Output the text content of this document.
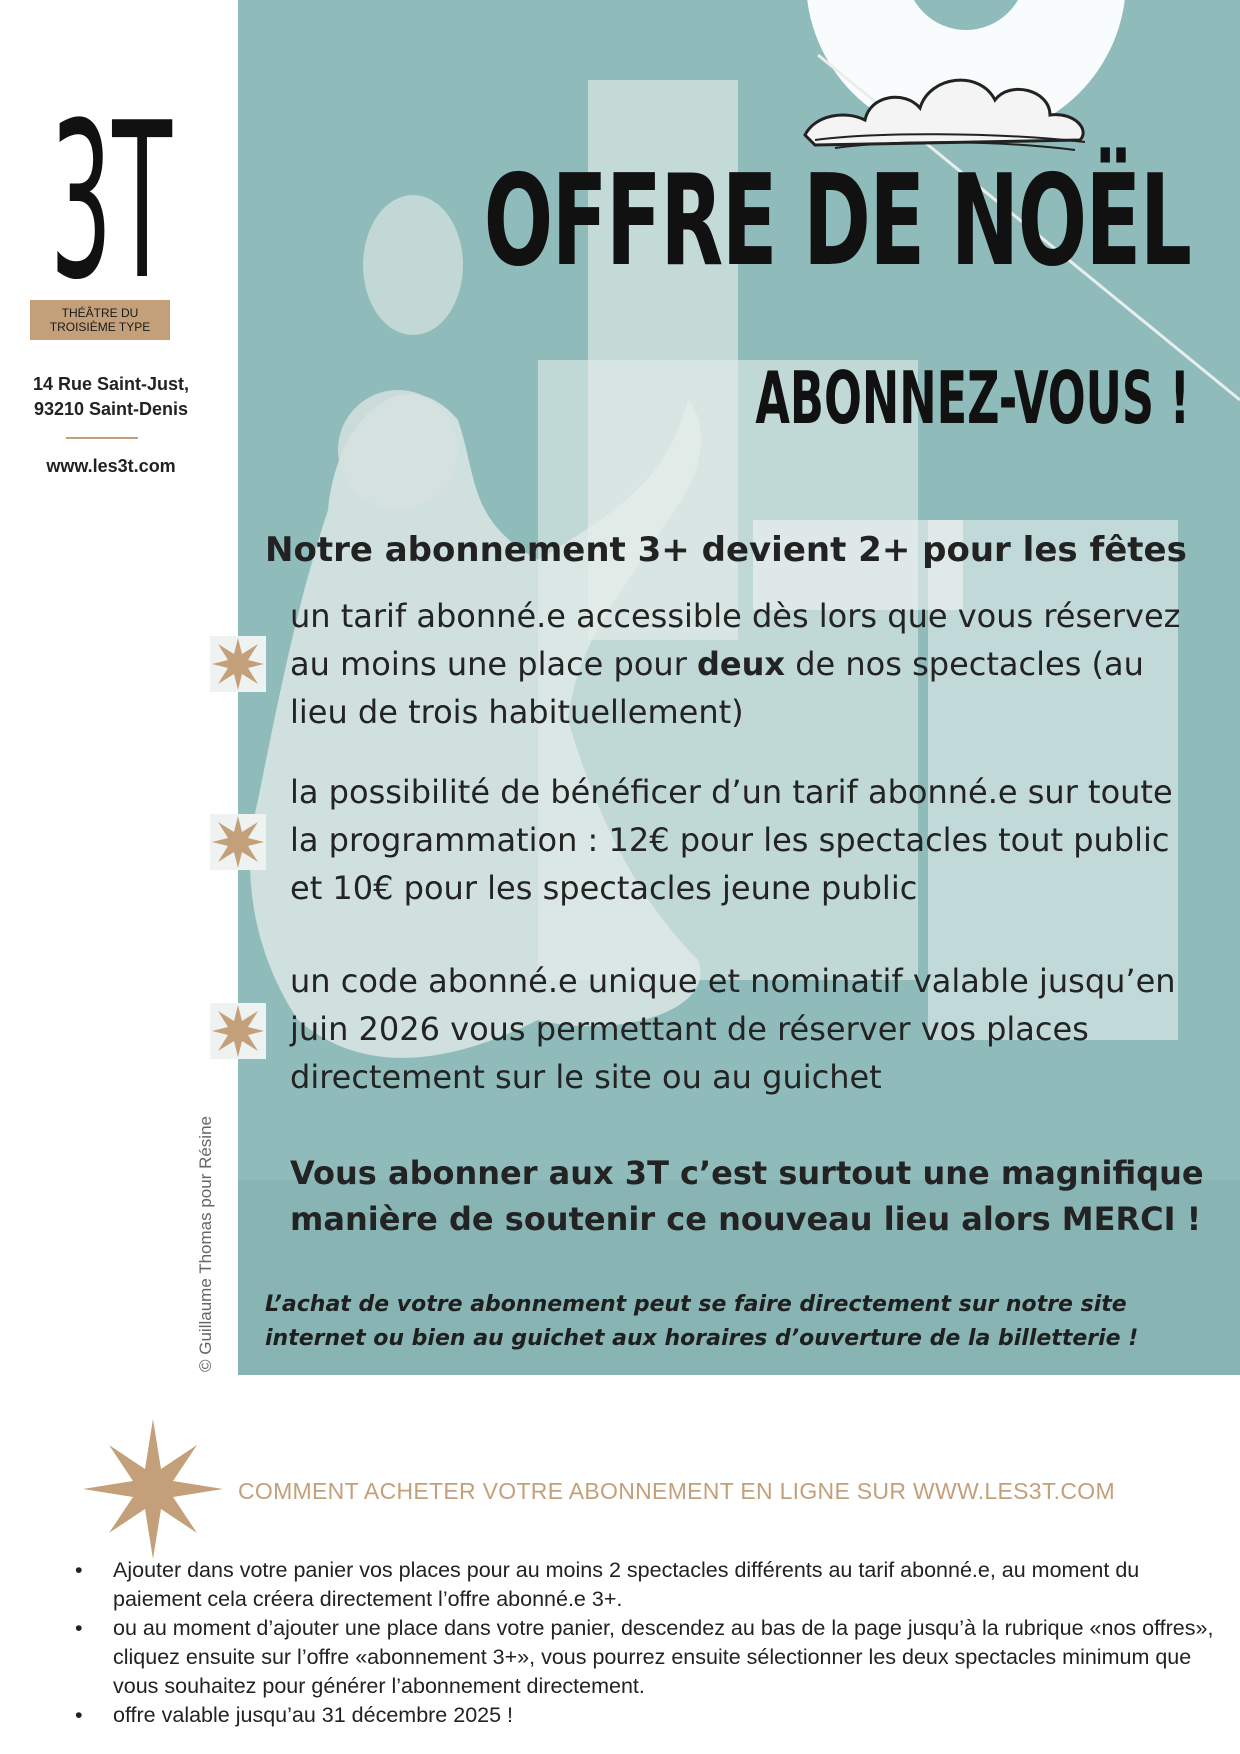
3T
THÉÂTRE DU
TROISIÈME TYPE
14 Rue Saint-Just,
93210 Saint-Denis
www.les3t.com
© Guillaume Thomas pour Résine
OFFRE DE NOËL
ABONNEZ-VOUS !
Notre abonnement 3+ devient 2+ pour les fêtes
un tarif abonné.e accessible dès lors que vous réservez au moins une place pour deux de nos spectacles (au lieu de trois habituellement)
la possibilité de bénéficer d’un tarif abonné.e sur toute la programmation : 12€ pour les spectacles tout public et 10€ pour les spectacles jeune public
un code abonné.e unique et nominatif valable jusqu’en juin 2026 vous permettant de réserver vos places directement sur le site ou au guichet
Vous abonner aux 3T c’est surtout une magnifique manière de soutenir ce nouveau lieu alors MERCI !
L’achat de votre abonnement peut se faire directement sur notre site internet ou bien au guichet aux horaires d’ouverture de la billetterie !
COMMENT ACHETER VOTRE ABONNEMENT EN LIGNE SUR WWW.LES3T.COM
• Ajouter dans votre panier vos places pour au moins 2 spectacles différents au tarif abonné.e, au moment du paiement cela créera directement l’offre abonné.e 3+.
• ou au moment d’ajouter une place dans votre panier, descendez au bas de la page jusqu’à la rubrique «nos offres», cliquez ensuite sur l’offre «abonnement 3+», vous pourrez ensuite sélectionner les deux spectacles minimum que vous souhaitez pour générer l’abonnement directement.
• offre valable jusqu’au 31 décembre 2025 !
